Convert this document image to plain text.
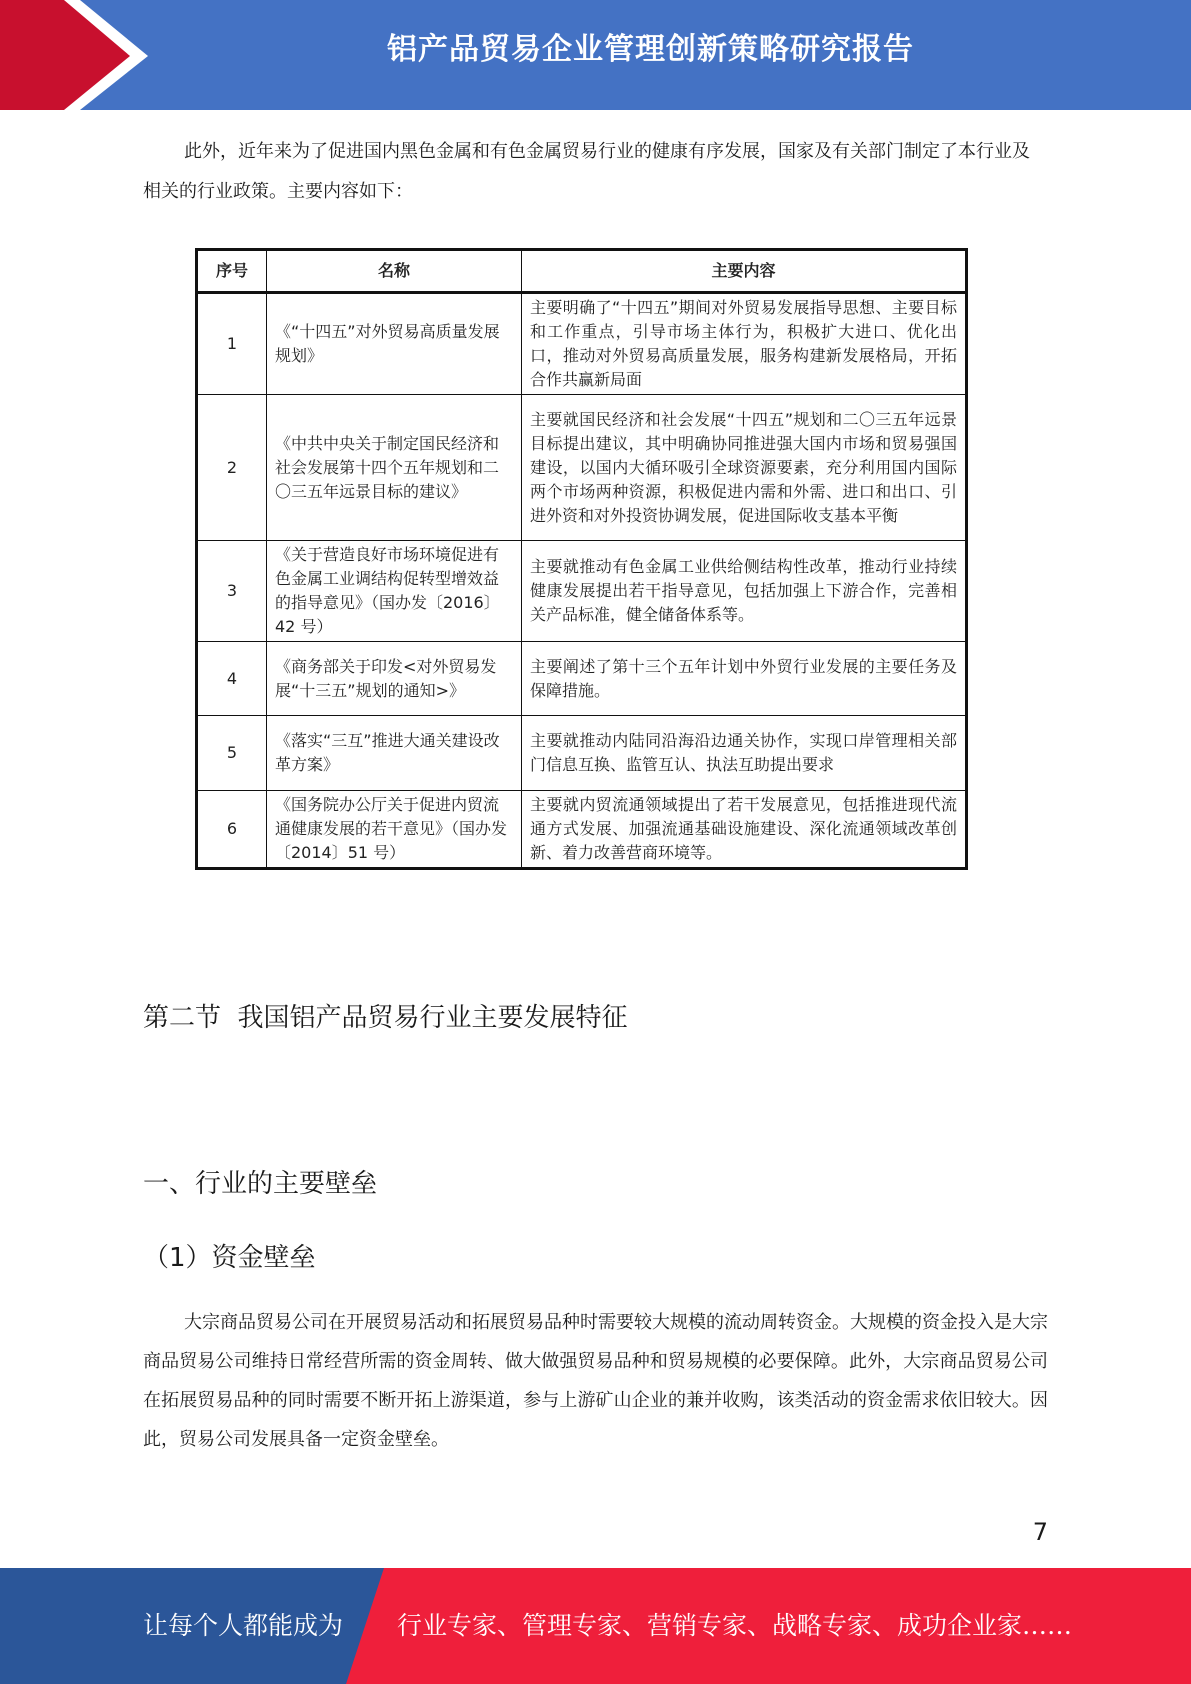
铝产品贸易企业管理创新策略研究报告

此外，近年来为了促进国内黑色金属和有色金属贸易行业的健康有序发展，国家及有关部门制定了本行业及相关的行业政策。主要内容如下：

序号	名称	主要内容
1	《“十四五”对外贸易高质量发展规划》	主要明确了“十四五”期间对外贸易发展指导思想、主要目标和工作重点，引导市场主体行为，积极扩大进口、优化出口，推动对外贸易高质量发展，服务构建新发展格局，开拓合作共赢新局面
2	《中共中央关于制定国民经济和社会发展第十四个五年规划和二〇三五年远景目标的建议》	主要就国民经济和社会发展“十四五”规划和二〇三五年远景目标提出建议，其中明确协同推进强大国内市场和贸易强国建设，以国内大循环吸引全球资源要素，充分利用国内国际两个市场两种资源，积极促进内需和外需、进口和出口、引进外资和对外投资协调发展，促进国际收支基本平衡
3	《关于营造良好市场环境促进有色金属工业调结构促转型增效益的指导意见》（国办发〔2016〕42 号）	主要就推动有色金属工业供给侧结构性改革，推动行业持续健康发展提出若干指导意见，包括加强上下游合作，完善相关产品标准，健全储备体系等。
4	《商务部关于印发<对外贸易发展“十三五”规划的通知>》	主要阐述了第十三个五年计划中外贸行业发展的主要任务及保障措施。
5	《落实“三互”推进大通关建设改革方案》	主要就推动内陆同沿海沿边通关协作，实现口岸管理相关部门信息互换、监管互认、执法互助提出要求
6	《国务院办公厅关于促进内贸流通健康发展的若干意见》（国办发〔2014〕51 号）	主要就内贸流通领域提出了若干发展意见，包括推进现代流通方式发展、加强流通基础设施建设、深化流通领域改革创新、着力改善营商环境等。
第二节  我国铝产品贸易行业主要发展特征
一、行业的主要壁垒
（1）资金壁垒

大宗商品贸易公司在开展贸易活动和拓展贸易品种时需要较大规模的流动周转资金。大规模的资金投入是大宗商品贸易公司维持日常经营所需的资金周转、做大做强贸易品种和贸易规模的必要保障。此外，大宗商品贸易公司在拓展贸易品种的同时需要不断开拓上游渠道，参与上游矿山企业的兼并收购，该类活动的资金需求依旧较大。因此，贸易公司发展具备一定资金壁垒。

7
让每个人都能成为 行业专家、管理专家、营销专家、战略专家、成功企业家……
